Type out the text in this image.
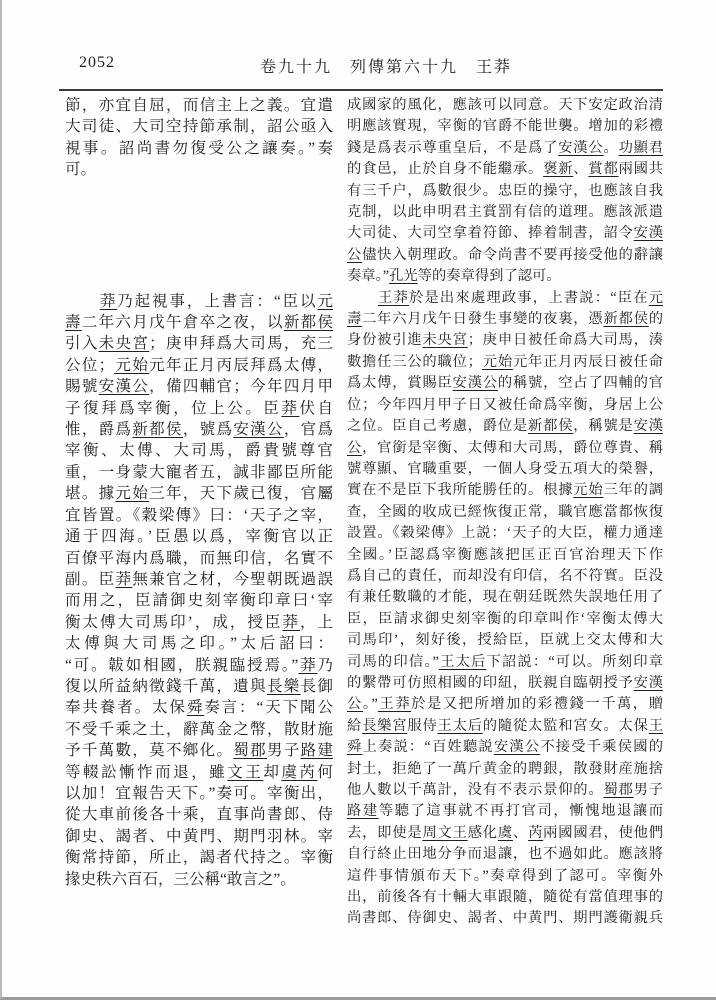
2052	卷九十九　列傳第六十九　王莽
節，亦宜自屈，而信主上之義。宜遣
大司徒、大司空持節承制，詔公亟入
視事。詔尚書勿復受公之讓奏。”奏
可。
　　莽乃起視事，上書言：“臣以元
壽二年六月戊午倉卒之夜，以新都侯
引入未央宮；庚申拜爲大司馬，充三
公位；元始元年正月丙辰拜爲太傅，
賜號安漢公，備四輔官；今年四月甲
子復拜爲宰衡，位上公。臣莽伏自
惟，爵爲新都侯，號爲安漢公，官爲
宰衡、太傅、大司馬，爵貴號尊官
重，一身蒙大寵者五，誠非鄙臣所能
堪。據元始三年，天下歲已復，官屬
宜皆置。《穀梁傳》曰：‘天子之宰，
通于四海。’臣愚以爲，宰衡官以正
百僚平海内爲職，而無印信，名實不
副。臣莽無兼官之材，今聖朝既過誤
而用之，臣請御史刻宰衡印章曰‘宰
衡太傅大司馬印’，成，授臣莽，上
太傅與大司馬之印。”太后詔曰：
“可。韍如相國，朕親臨授焉。”莽乃
復以所益納徵錢千萬，遺與長樂長御
奉共養者。太保舜奏言：“天下聞公
不受千乘之土，辭萬金之幣，散財施
予千萬數，莫不鄉化。蜀郡男子路建
等輟訟慚怍而退，雖文王却虞芮何
以加！宜報告天下。”奏可。宰衡出，
從大車前後各十乘，直事尚書郎、侍
御史、謁者、中黄門、期門羽林。宰
衡常持節，所止，謁者代持之。宰衡
掾史秩六百石，三公稱“敢言之”。
成國家的風化，應該可以同意。天下安定政治清
明應該實現，宰衡的官爵不能世襲。增加的彩禮
錢是爲表示尊重皇后，不是爲了安漢公。功顯君
的食邑，止於自身不能繼承。褒新、賞都兩國共
有三千户，爲數很少。忠臣的操守，也應該自我
克制，以此申明君主賞罰有信的道理。應該派遣
大司徒、大司空拿着符節、捧着制書，詔令安漢
公儘快入朝理政。命令尚書不要再接受他的辭讓
奏章。”孔光等的奏章得到了認可。
　　王莽於是出來處理政事，上書説：“臣在元
壽二年六月戊午日發生事變的夜裏，憑新都侯的
身份被引進未央宮；庚申日被任命爲大司馬，湊
數擔任三公的職位；元始元年正月丙辰日被任命
爲太傅，賞賜臣安漢公的稱號，空占了四輔的官
位；今年四月甲子日又被任命爲宰衡，身居上公
之位。臣自己考慮，爵位是新都侯，稱號是安漢
公，官銜是宰衡、太傅和大司馬，爵位尊貴、稱
號尊顯、官職重要，一個人身受五項大的榮譽，
實在不是臣下我所能勝任的。根據元始三年的調
查，全國的收成已經恢復正常，職官應當都恢復
設置。《穀梁傳》上説：‘天子的大臣，權力通達
全國。’臣認爲宰衡應該把匡正百官治理天下作
爲自己的責任，而却没有印信，名不符實。臣没
有兼任數職的才能，現在朝廷既然失誤地任用了
臣，臣請求御史刻宰衡的印章叫作‘宰衡太傅大
司馬印’，刻好後，授給臣，臣就上交太傅和大
司馬的印信。”王太后下詔説：“可以。所刻印章
的繫帶可仿照相國的印紐，朕親自臨朝授予安漢
公。”王莽於是又把所增加的彩禮錢一千萬，贈
給長樂宮服侍王太后的隨從太監和宮女。太保王
舜上奏説：“百姓聽説安漢公不接受千乘侯國的
封土，拒絶了一萬斤黄金的聘銀，散發財産施捨
他人數以千萬計，没有不表示景仰的。蜀郡男子
路建等聽了這事就不再打官司，慚愧地退讓而
去，即使是周文王感化虞、芮兩國國君，使他們
自行終止田地分争而退讓，也不過如此。應該將
這件事情頒布天下。”奏章得到了認可。宰衡外
出，前後各有十輛大車跟隨，隨從有當值理事的
尚書郎、侍御史、謁者、中黄門、期門護衛親兵
